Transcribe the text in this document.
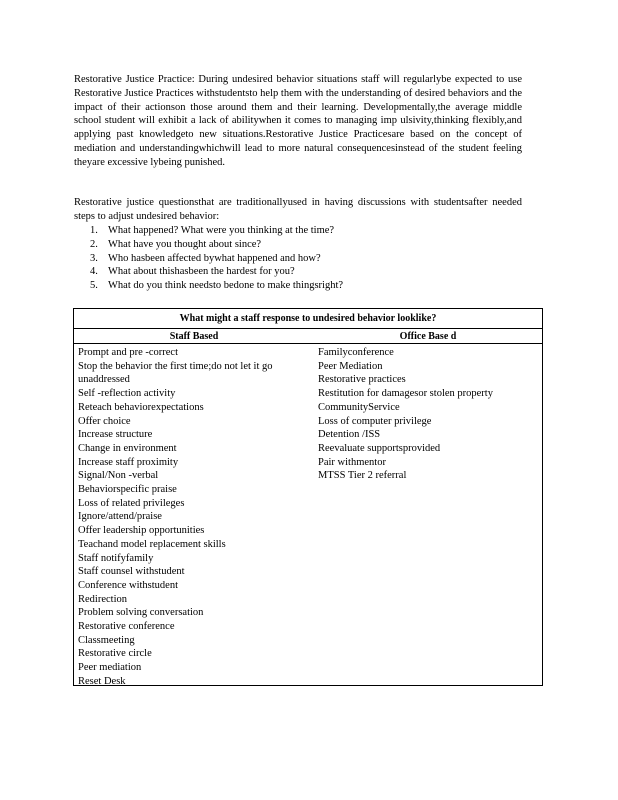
Restorative Justice Practice: During undesired behavior situations staff will regularlybe expected to use Restorative Justice Practices withstudentsto help them with the understanding of desired behaviors and the impact of their actionson those around them and their learning. Developmentally,the average middle school student will exhibit a lack of abilitywhen it comes to managing imp ulsivity,thinking flexibly,and applying past knowledgeto new situations.Restorative Justice Practicesare based on the concept of mediation and understandingwhichwill lead to more natural consequencesinstead of the student feeling theyare excessive lybeing punished.
Restorative justice questionsthat are traditionallyused in having discussions with studentsafter needed steps to adjust undesired behavior:
1. What happened? What were you thinking at the time?
2. What have you thought about since?
3. Who hasbeen affected bywhat happened and how?
4. What about thishasbeen the hardest for you?
5. What do you think needsto bedone to make thingsright?
What might a staff response to undesired behavior looklike?
Staff Based	Office Base d
Prompt and pre -correct
Stop the behavior the first time;do not let it go unaddressed
Self -reflection activity
Reteach behaviorexpectations
Offer choice
Increase structure
Change in environment
Increase staff proximity
Signal/Non -verbal
Behaviorspecific praise
Loss of related privileges
Ignore/attend/praise
Offer leadership opportunities
Teachand model replacement skills
Staff notifyfamily
Staff counsel withstudent
Conference withstudent
Redirection
Problem solving conversation
Restorative conference
Classmeeting
Restorative circle
Peer mediation
Reset Desk
Familyconference
Peer Mediation
Restorative practices
Restitution for damagesor stolen property
CommunityService
Loss of computer privilege
Detention /ISS
Reevaluate supportsprovided
Pair withmentor
MTSS Tier 2 referral
